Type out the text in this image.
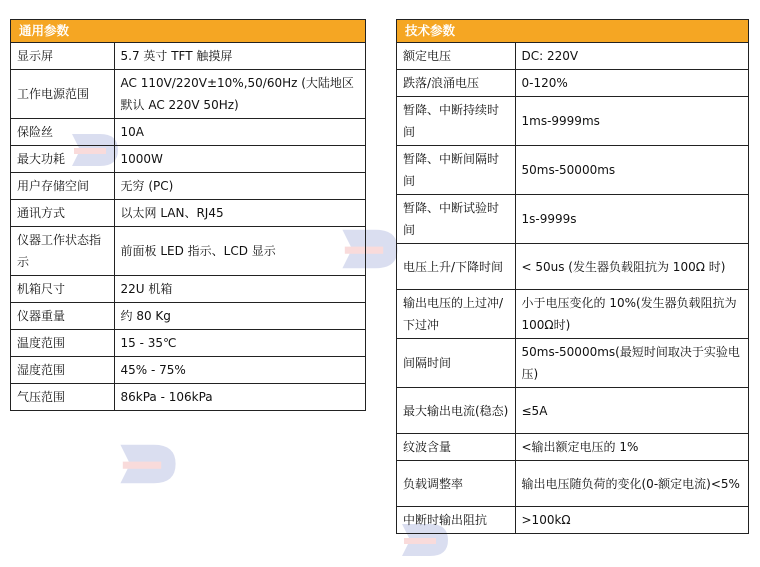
通用参数
显示屏	5.7 英寸 TFT 触摸屏
工作电源范围	AC 110V/220V±10%,50/60Hz (大陆地区默认 AC 220V 50Hz)
保险丝	10A
最大功耗	1000W
用户存储空间	无穷 (PC)
通讯方式	以太网 LAN、RJ45
仪器工作状态指示	前面板 LED 指示、LCD 显示
机箱尺寸	22U 机箱
仪器重量	约 80 Kg
温度范围	15 - 35℃
湿度范围	45% - 75%
气压范围	86kPa - 106kPa
技术参数
额定电压	DC: 220V
跌落/浪涌电压	0-120%
暂降、中断持续时间	1ms-9999ms
暂降、中断间隔时间	50ms-50000ms
暂降、中断试验时间	1s-9999s
电压上升/下降时间	< 50us (发生器负载阻抗为 100Ω 时)
输出电压的上过冲/下过冲	小于电压变化的 10%(发生器负载阻抗为 100Ω时)
间隔时间	50ms-50000ms(最短时间取决于实验电压)
最大输出电流(稳态)	≤5A
纹波含量	<输出额定电压的 1%
负载调整率	输出电压随负荷的变化(0-额定电流)<5%
中断时输出阻抗	>100kΩ
